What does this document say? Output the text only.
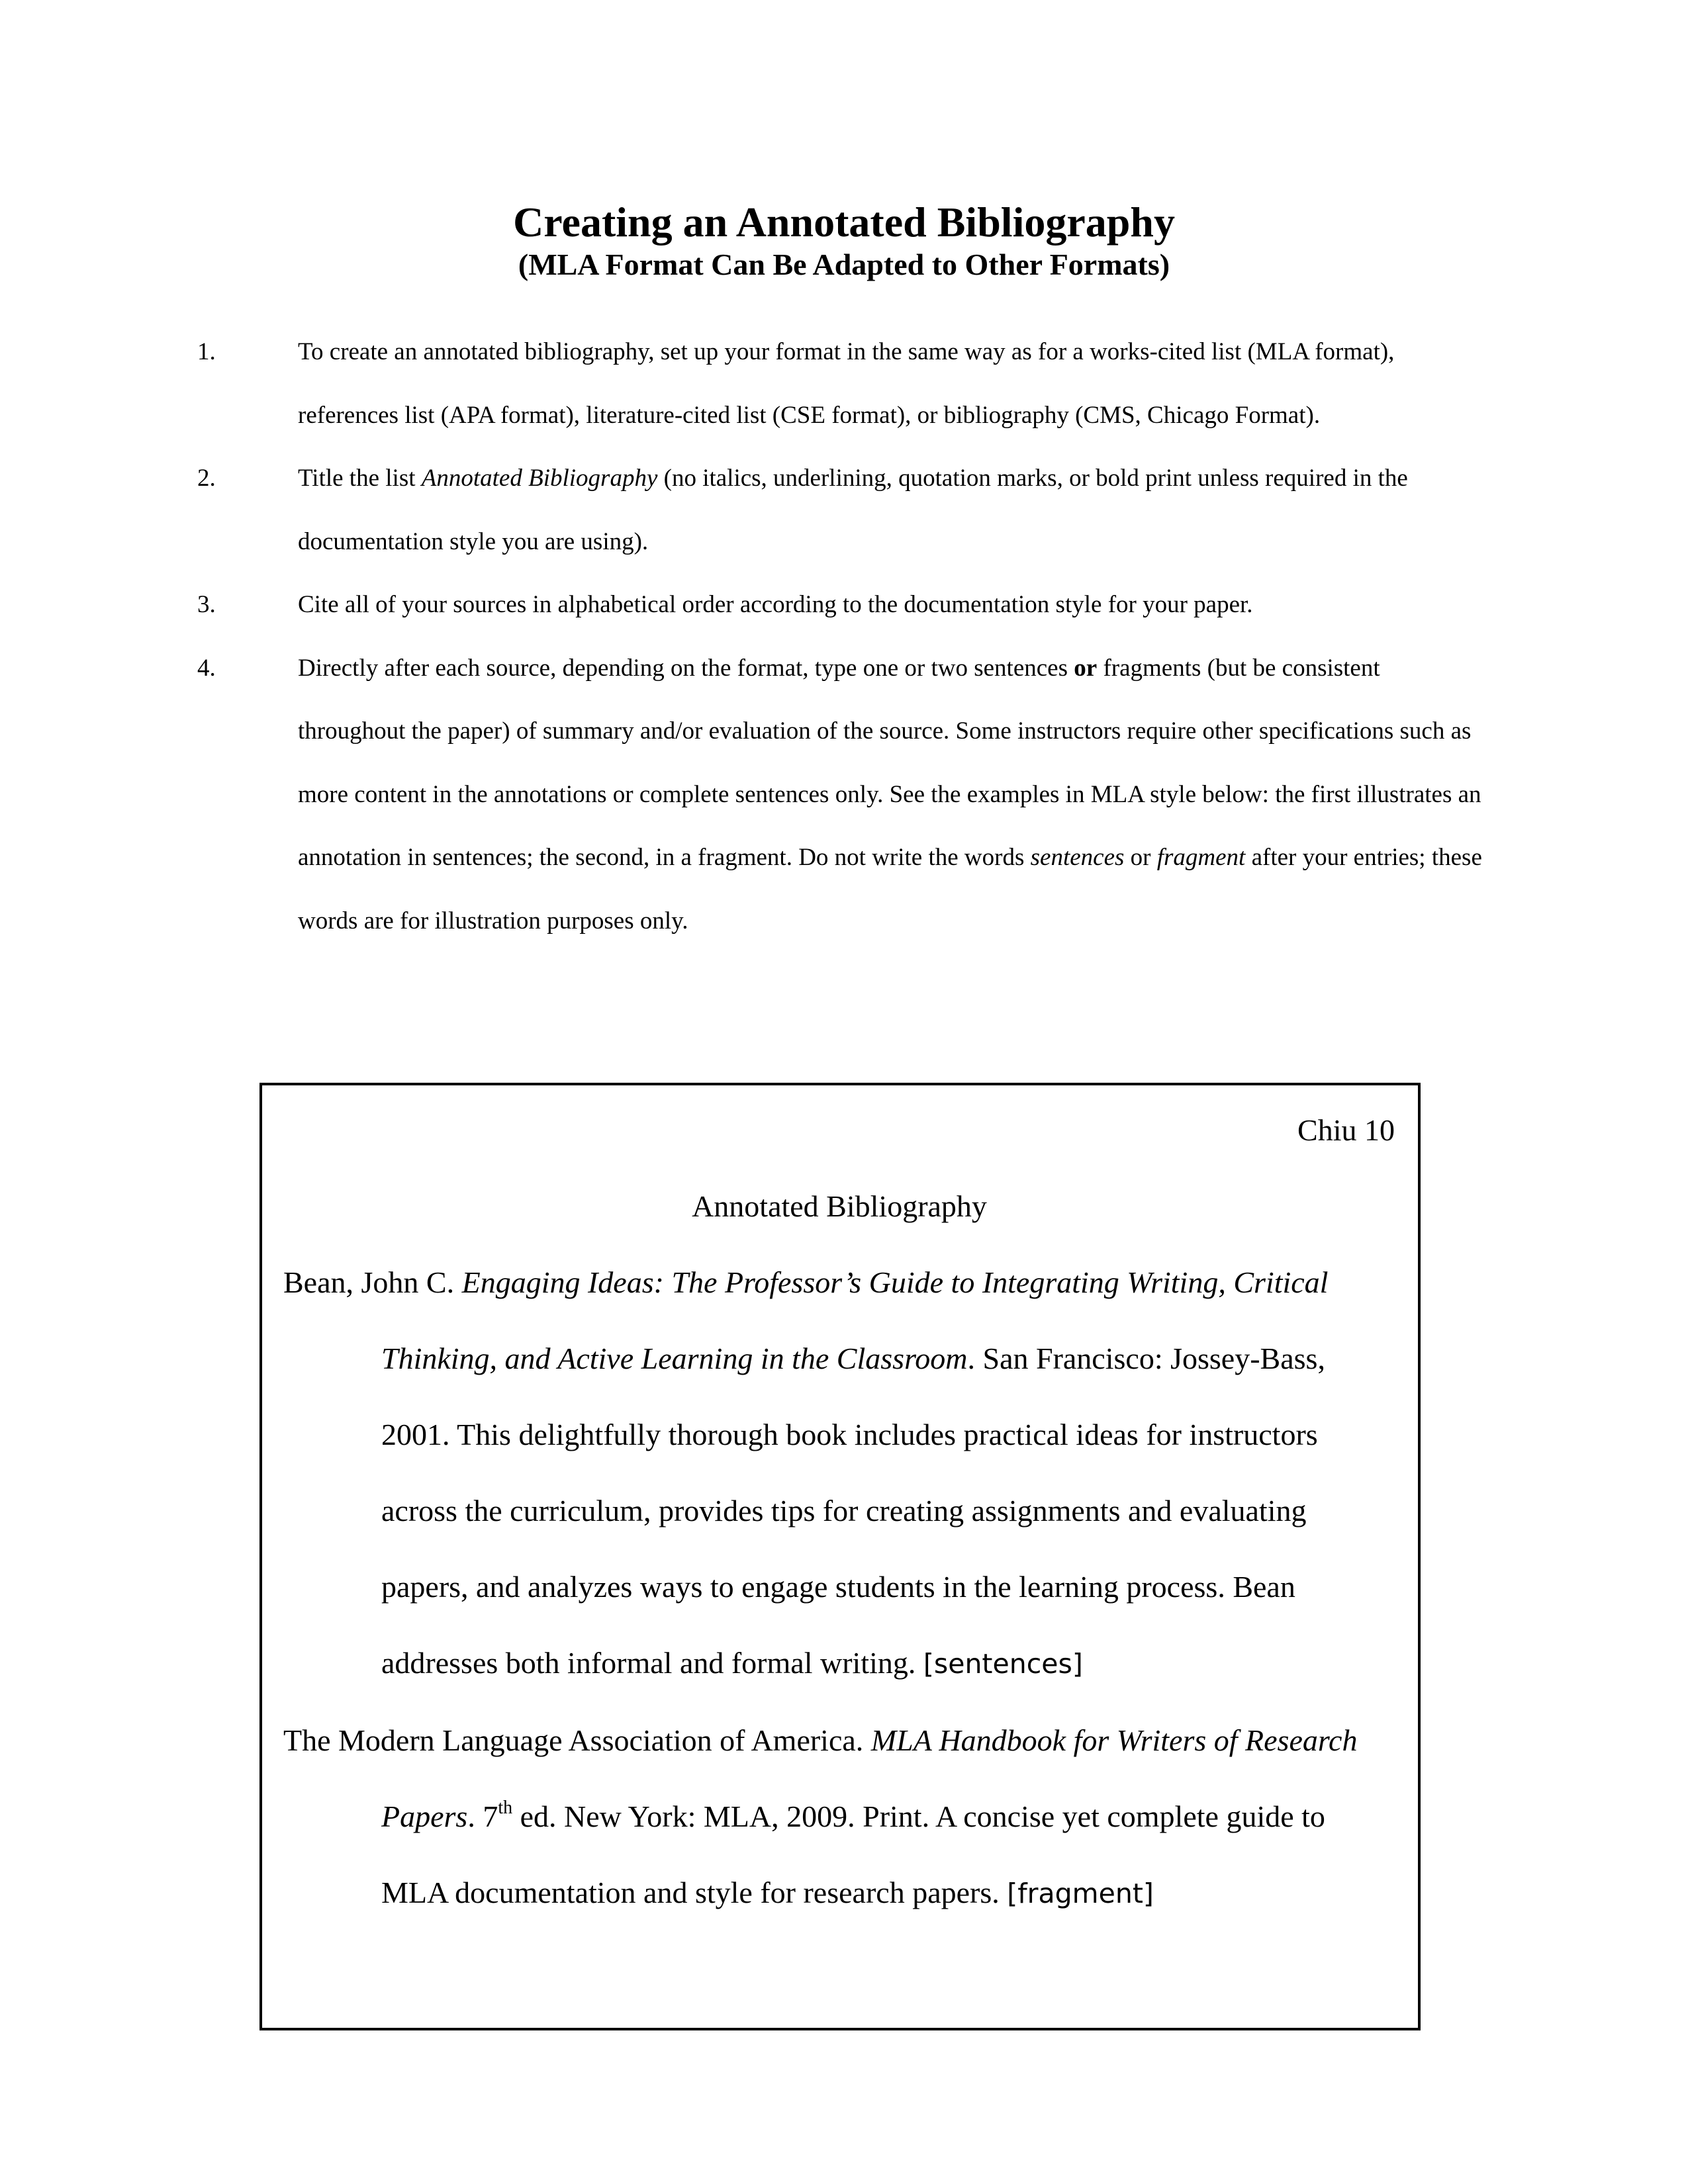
Creating an Annotated Bibliography
(MLA Format Can Be Adapted to Other Formats)
1.	To create an annotated bibliography, set up your format in the same way as for a works-cited list (MLA format), references list (APA format), literature-cited list (CSE format), or bibliography (CMS, Chicago Format).
2.	Title the list Annotated Bibliography (no italics, underlining, quotation marks, or bold print unless required in the documentation style you are using).
3.	Cite all of your sources in alphabetical order according to the documentation style for your paper.
4.	Directly after each source, depending on the format, type one or two sentences or fragments (but be consistent throughout the paper) of summary and/or evaluation of the source. Some instructors require other specifications such as more content in the annotations or complete sentences only. See the examples in MLA style below: the first illustrates an annotation in sentences; the second, in a fragment. Do not write the words sentences or fragment after your entries; these words are for illustration purposes only.
Chiu 10
Annotated Bibliography
Bean, John C. Engaging Ideas: The Professor’s Guide to Integrating Writing, Critical Thinking, and Active Learning in the Classroom. San Francisco: Jossey-Bass, 2001. This delightfully thorough book includes practical ideas for instructors across the curriculum, provides tips for creating assignments and evaluating papers, and analyzes ways to engage students in the learning process. Bean addresses both informal and formal writing. [sentences]
The Modern Language Association of America. MLA Handbook for Writers of Research Papers. 7th ed. New York: MLA, 2009. Print. A concise yet complete guide to MLA documentation and style for research papers. [fragment]
